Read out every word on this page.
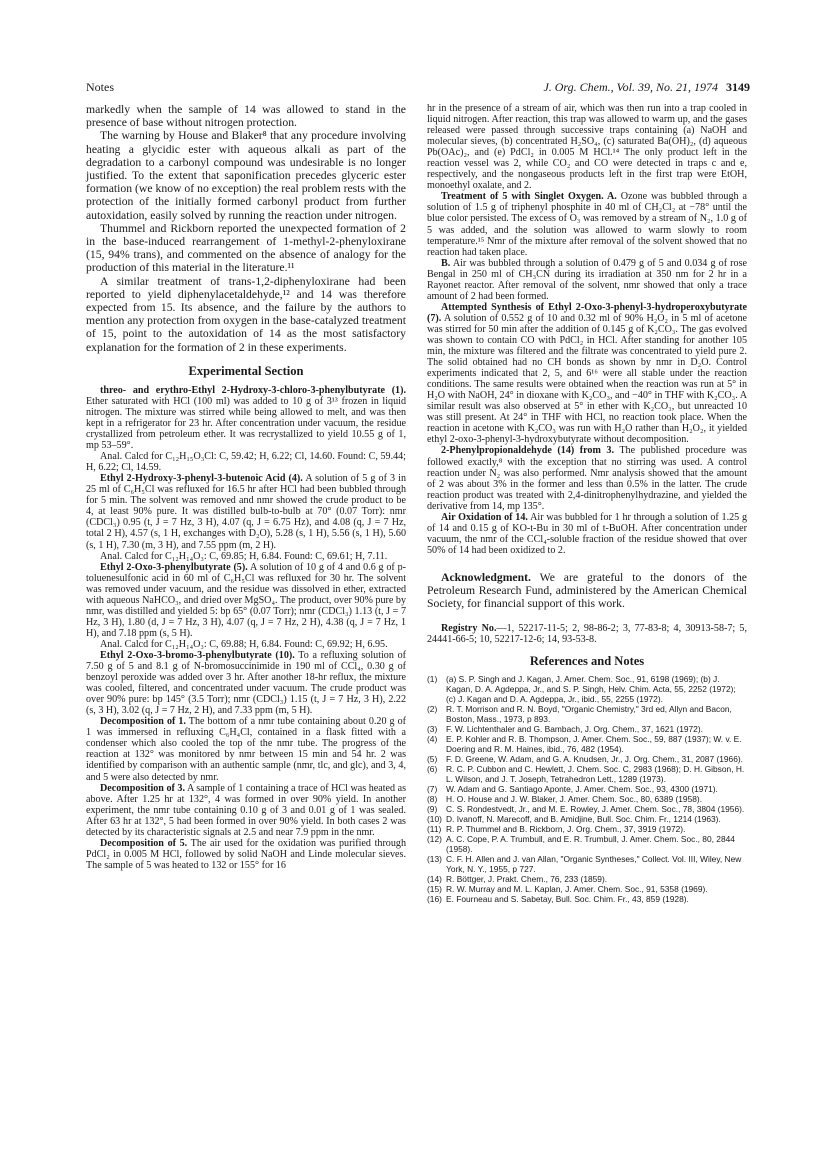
Notes	J. Org. Chem., Vol. 39, No. 21, 1974 3149

markedly when the sample of 14 was allowed to stand in the presence of base without nitrogen protection.

The warning by House and Blaker⁸ that any procedure involving heating a glycidic ester with aqueous alkali as part of the degradation to a carbonyl compound was undesirable is no longer justified. To the extent that saponification precedes glyceric ester formation (we know of no exception) the real problem rests with the protection of the initially formed carbonyl product from further autoxidation, easily solved by running the reaction under nitrogen.

Thummel and Rickborn reported the unexpected formation of 2 in the base-induced rearrangement of 1-methyl-2-phenyloxirane (15, 94% trans), and commented on the absence of analogy for the production of this material in the literature.¹¹

A similar treatment of trans-1,2-diphenyloxirane had been reported to yield diphenylacetaldehyde,¹² and 14 was therefore expected from 15. Its absence, and the failure by the authors to mention any protection from oxygen in the base-catalyzed treatment of 15, point to the autoxidation of 14 as the most satisfactory explanation for the formation of 2 in these experiments.

Experimental Section

threo- and erythro-Ethyl 2-Hydroxy-3-chloro-3-phenylbutyrate (1). Ether saturated with HCl (100 ml) was added to 10 g of 3¹³ frozen in liquid nitrogen. The mixture was stirred while being allowed to melt, and was then kept in a refrigerator for 23 hr. After concentration under vacuum, the residue crystallized from petroleum ether. It was recrystallized to yield 10.55 g of 1, mp 53–59°.

Anal. Calcd for C₁₂H₁₅O₃Cl: C, 59.42; H, 6.22; Cl, 14.60. Found: C, 59.44; H, 6.22; Cl, 14.59.

Ethyl 2-Hydroxy-3-phenyl-3-butenoic Acid (4). A solution of 5 g of 3 in 25 ml of C₆H₅Cl was refluxed for 16.5 hr after HCl had been bubbled through for 5 min. The solvent was removed and nmr showed the crude product to be 4, at least 90% pure. It was distilled bulb-to-bulb at 70° (0.07 Torr): nmr (CDCl₃) 0.95 (t, J = 7 Hz, 3 H), 4.07 (q, J = 6.75 Hz), and 4.08 (q, J = 7 Hz, total 2 H), 4.57 (s, 1 H, exchanges with D₂O), 5.28 (s, 1 H), 5.56 (s, 1 H), 5.60 (s, 1 H), 7.30 (m, 3 H), and 7.55 ppm (m, 2 H).

Anal. Calcd for C₁₂H₁₄O₃: C, 69.85; H, 6.84. Found: C, 69.61; H, 7.11.

Ethyl 2-Oxo-3-phenylbutyrate (5). A solution of 10 g of 4 and 0.6 g of p-toluenesulfonic acid in 60 ml of C₆H₅Cl was refluxed for 30 hr. The solvent was removed under vacuum, and the residue was dissolved in ether, extracted with aqueous NaHCO₃, and dried over MgSO₄. The product, over 90% pure by nmr, was distilled and yielded 5: bp 65° (0.07 Torr); nmr (CDCl₃) 1.13 (t, J = 7 Hz, 3 H), 1.80 (d, J = 7 Hz, 3 H), 4.07 (q, J = 7 Hz, 2 H), 4.38 (q, J = 7 Hz, 1 H), and 7.18 ppm (s, 5 H).

Anal. Calcd for C₁₂H₁₄O₃: C, 69.88; H, 6.84. Found: C, 69.92; H, 6.95.

Ethyl 2-Oxo-3-bromo-3-phenylbutyrate (10). To a refluxing solution of 7.50 g of 5 and 8.1 g of N-bromosuccinimide in 190 ml of CCl₄, 0.30 g of benzoyl peroxide was added over 3 hr. After another 18-hr reflux, the mixture was cooled, filtered, and concentrated under vacuum. The crude product was over 90% pure: bp 145° (3.5 Torr); nmr (CDCl₃) 1.15 (t, J = 7 Hz, 3 H), 2.22 (s, 3 H), 3.02 (q, J = 7 Hz, 2 H), and 7.33 ppm (m, 5 H).

Decomposition of 1. The bottom of a nmr tube containing about 0.20 g of 1 was immersed in refluxing C₆H₄Cl, contained in a flask fitted with a condenser which also cooled the top of the nmr tube. The progress of the reaction at 132° was monitored by nmr between 15 min and 54 hr. 2 was identified by comparison with an authentic sample (nmr, tlc, and glc), and 3, 4, and 5 were also detected by nmr.

Decomposition of 3. A sample of 1 containing a trace of HCl was heated as above. After 1.25 hr at 132°, 4 was formed in over 90% yield. In another experiment, the nmr tube containing 0.10 g of 3 and 0.01 g of 1 was sealed. After 63 hr at 132°, 5 had been formed in over 90% yield. In both cases 2 was detected by its characteristic signals at 2.5 and near 7.9 ppm in the nmr.

Decomposition of 5. The air used for the oxidation was purified through PdCl₂ in 0.005 M HCl, followed by solid NaOH and Linde molecular sieves. The sample of 5 was heated to 132 or 155° for 16

hr in the presence of a stream of air, which was then run into a trap cooled in liquid nitrogen. After reaction, this trap was allowed to warm up, and the gases released were passed through successive traps containing (a) NaOH and molecular sieves, (b) concentrated H₂SO₄, (c) saturated Ba(OH)₂, (d) aqueous Pb(OAc)₂, and (e) PdCl₂ in 0.005 M HCl.¹⁴ The only product left in the reaction vessel was 2, while CO₂ and CO were detected in traps c and e, respectively, and the nongaseous products left in the first trap were EtOH, monoethyl oxalate, and 2.

Treatment of 5 with Singlet Oxygen. A. Ozone was bubbled through a solution of 1.5 g of triphenyl phosphite in 40 ml of CH₂Cl₂ at −78° until the blue color persisted. The excess of O₃ was removed by a stream of N₂, 1.0 g of 5 was added, and the solution was allowed to warm slowly to room temperature.¹⁵ Nmr of the mixture after removal of the solvent showed that no reaction had taken place.

B. Air was bubbled through a solution of 0.479 g of 5 and 0.034 g of rose Bengal in 250 ml of CH₃CN during its irradiation at 350 nm for 2 hr in a Rayonet reactor. After removal of the solvent, nmr showed that only a trace amount of 2 had been formed.

Attempted Synthesis of Ethyl 2-Oxo-3-phenyl-3-hydroperoxybutyrate (7). A solution of 0.552 g of 10 and 0.32 ml of 90% H₂O₂ in 5 ml of acetone was stirred for 50 min after the addition of 0.145 g of K₂CO₃. The gas evolved was shown to contain CO with PdCl₂ in HCl. After standing for another 105 min, the mixture was filtered and the filtrate was concentrated to yield pure 2. The solid obtained had no CH bonds as shown by nmr in D₂O. Control experiments indicated that 2, 5, and 6¹⁶ were all stable under the reaction conditions. The same results were obtained when the reaction was run at 5° in H₂O with NaOH, 24° in dioxane with K₂CO₃, and −40° in THF with K₂CO₃. A similar result was also observed at 5° in ether with K₂CO₃, but unreacted 10 was still present. At 24° in THF with HCl, no reaction took place. When the reaction in acetone with K₂CO₃ was run with H₂O rather than H₂O₂, it yielded ethyl 2-oxo-3-phenyl-3-hydroxybutyrate without decomposition.

2-Phenylpropionaldehyde (14) from 3. The published procedure was followed exactly,⁸ with the exception that no stirring was used. A control reaction under N₂ was also performed. Nmr analysis showed that the amount of 2 was about 3% in the former and less than 0.5% in the latter. The crude reaction product was treated with 2,4-dinitrophenylhydrazine, and yielded the derivative from 14, mp 135°.

Air Oxidation of 14. Air was bubbled for 1 hr through a solution of 1.25 g of 14 and 0.15 g of KO-t-Bu in 30 ml of t-BuOH. After concentration under vacuum, the nmr of the CCl₄-soluble fraction of the residue showed that over 50% of 14 had been oxidized to 2.

Acknowledgment. We are grateful to the donors of the Petroleum Research Fund, administered by the American Chemical Society, for financial support of this work.

Registry No.—1, 52217-11-5; 2, 98-86-2; 3, 77-83-8; 4, 30913-58-7; 5, 24441-66-5; 10, 52217-12-6; 14, 93-53-8.

References and Notes
(1) (a) S. P. Singh and J. Kagan, J. Amer. Chem. Soc., 91, 6198 (1969); (b) J. Kagan, D. A. Agdeppa, Jr., and S. P. Singh, Helv. Chim. Acta, 55, 2252 (1972); (c) J. Kagan and D. A. Agdeppa, Jr., ibid., 55, 2255 (1972).
(2) R. T. Morrison and R. N. Boyd, "Organic Chemistry," 3rd ed, Allyn and Bacon, Boston, Mass., 1973, p 893.
(3) F. W. Lichtenthaler and G. Bambach, J. Org. Chem., 37, 1621 (1972).
(4) E. P. Kohler and R. B. Thompson, J. Amer. Chem. Soc., 59, 887 (1937); W. v. E. Doering and R. M. Haines, ibid., 76, 482 (1954).
(5) F. D. Greene, W. Adam, and G. A. Knudsen, Jr., J. Org. Chem., 31, 2087 (1966).
(6) R. C. P. Cubbon and C. Hewlett, J. Chem. Soc. C, 2983 (1968); D. H. Gibson, H. L. Wilson, and J. T. Joseph, Tetrahedron Lett., 1289 (1973).
(7) W. Adam and G. Santiago Aponte, J. Amer. Chem. Soc., 93, 4300 (1971).
(8) H. O. House and J. W. Blaker, J. Amer. Chem. Soc., 80, 6389 (1958).
(9) C. S. Rondestvedt, Jr., and M. E. Rowley, J. Amer. Chem. Soc., 78, 3804 (1956).
(10) D. Ivanoff, N. Marecoff, and B. Amidjine, Bull. Soc. Chim. Fr., 1214 (1963).
(11) R. P. Thummel and B. Rickborn, J. Org. Chem., 37, 3919 (1972).
(12) A. C. Cope, P. A. Trumbull, and E. R. Trumbull, J. Amer. Chem. Soc., 80, 2844 (1958).
(13) C. F. H. Allen and J. van Allan, "Organic Syntheses," Collect. Vol. III, Wiley, New York, N. Y., 1955, p 727.
(14) R. Böttger, J. Prakt. Chem., 76, 233 (1859).
(15) R. W. Murray and M. L. Kaplan, J. Amer. Chem. Soc., 91, 5358 (1969).
(16) E. Fourneau and S. Sabetay, Bull. Soc. Chim. Fr., 43, 859 (1928).
